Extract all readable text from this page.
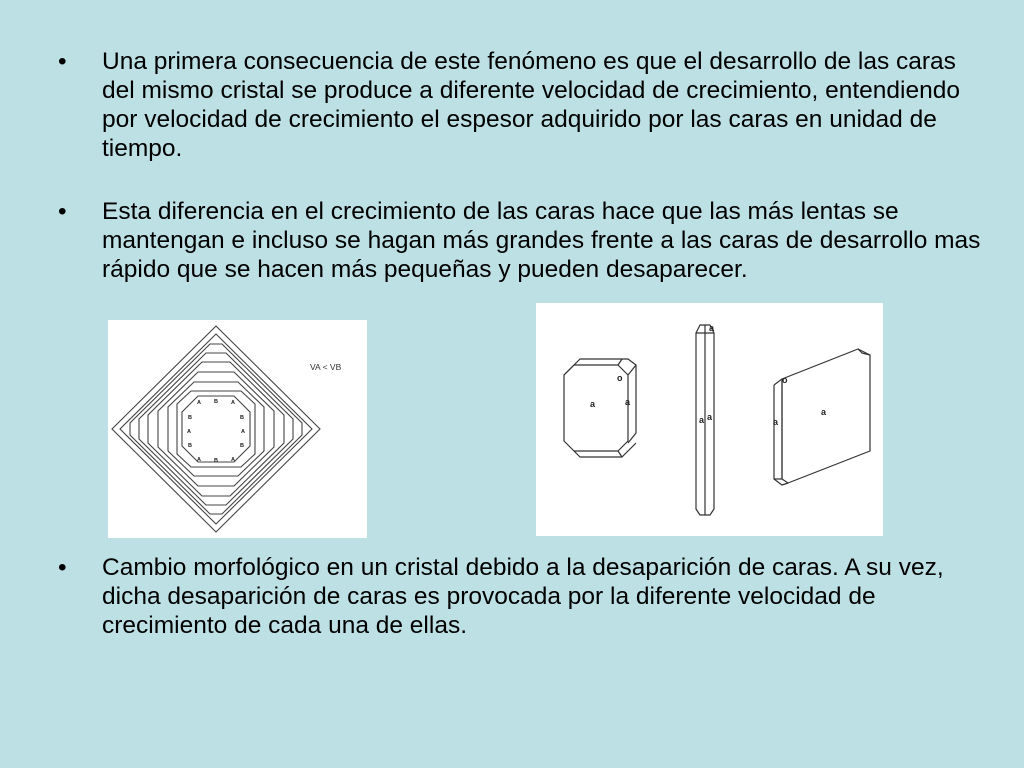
• Una primera consecuencia de este fenómeno es que el desarrollo de las caras del mismo cristal se produce a diferente velocidad de crecimiento, entendiendo por velocidad de crecimiento el espesor adquirido por las caras en unidad de tiempo.
• Esta diferencia en el crecimiento de las caras hace que las más lentas se mantengan e incluso se hagan más grandes frente a las caras de desarrollo mas rápido que se hacen más pequeñas y pueden desaparecer.
A B A
B
A
B
A
B
A
B
A
B
VA < VB
• Cambio morfológico en un cristal debido a la desaparición de caras. A su vez, dicha desaparición de caras es provocada por la diferente velocidad de crecimiento de cada una de ellas.
a	a
o
a
a a
o
a
a
